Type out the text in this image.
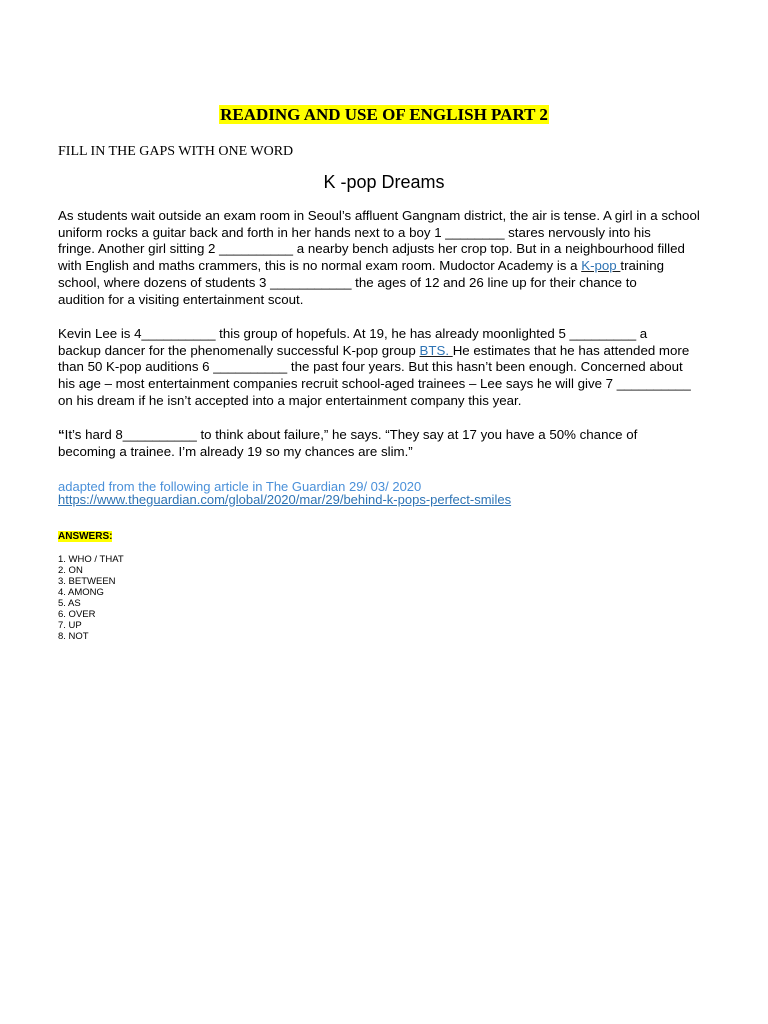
READING AND USE OF ENGLISH PART 2
FILL IN THE GAPS WITH ONE WORD
K -pop Dreams
As students wait outside an exam room in Seoul’s affluent Gangnam district, the air is tense. A girl in a school
uniform rocks a guitar back and forth in her hands next to a boy 1 ________ stares nervously into his
fringe. Another girl sitting 2 __________ a nearby bench adjusts her crop top. But in a neighbourhood filled
with English and maths crammers, this is no normal exam room. Mudoctor Academy is a K-pop training
school, where dozens of students 3 ___________ the ages of 12 and 26 line up for their chance to
audition for a visiting entertainment scout.
Kevin Lee is 4__________ this group of hopefuls. At 19, he has already moonlighted 5 _________ a
backup dancer for the phenomenally successful K-pop group BTS. He estimates that he has attended more
than 50 K-pop auditions 6 __________ the past four years. But this hasn’t been enough. Concerned about
his age – most entertainment companies recruit school-aged trainees – Lee says he will give 7 __________
on his dream if he isn’t accepted into a major entertainment company this year.
“It’s hard 8__________ to think about failure,” he says. “They say at 17 you have a 50% chance of
becoming a trainee. I’m already 19 so my chances are slim.”
adapted from the following article in The Guardian 29/ 03/ 2020
https://www.theguardian.com/global/2020/mar/29/behind-k-pops-perfect-smiles
ANSWERS:
1. WHO / THAT
2. ON
3. BETWEEN
4. AMONG
5. AS
6. OVER
7. UP
8. NOT
